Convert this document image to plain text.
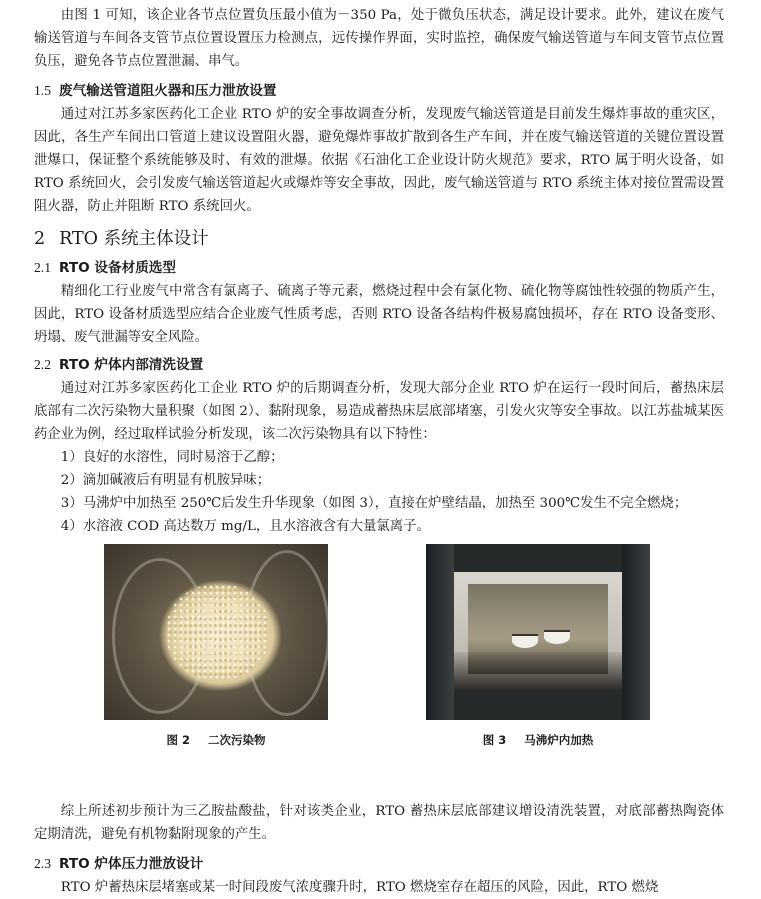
由图 1 可知，该企业各节点位置负压最小值为－350 Pa，处于微负压状态，满足设计要求。此外，建议在废气输送管道与车间各支管节点位置设置压力检测点，远传操作界面，实时监控，确保废气输送管道与车间支管节点位置负压，避免各节点位置泄漏、串气。

1.5 废气输送管道阻火器和压力泄放设置

通过对江苏多家医药化工企业 RTO 炉的安全事故调查分析，发现废气输送管道是目前发生爆炸事故的重灾区，因此，各生产车间出口管道上建议设置阻火器，避免爆炸事故扩散到各生产车间，并在废气输送管道的关键位置设置泄爆口，保证整个系统能够及时、有效的泄爆。依据《石油化工企业设计防火规范》要求，RTO 属于明火设备，如 RTO 系统回火，会引发废气输送管道起火或爆炸等安全事故，因此，废气输送管道与 RTO 系统主体对接位置需设置阻火器，防止并阻断 RTO 系统回火。

2 RTO 系统主体设计
2.1 RTO 设备材质选型

精细化工行业废气中常含有氯离子、硫离子等元素，燃烧过程中会有氯化物、硫化物等腐蚀性较强的物质产生，因此，RTO 设备材质选型应结合企业废气性质考虑，否则 RTO 设备各结构件极易腐蚀损坏，存在 RTO 设备变形、坍塌、废气泄漏等安全风险。

2.2 RTO 炉体内部清洗设置

通过对江苏多家医药化工企业 RTO 炉的后期调查分析，发现大部分企业 RTO 炉在运行一段时间后，蓄热床层底部有二次污染物大量积聚（如图 2）、黏附现象，易造成蓄热床层底部堵塞，引发火灾等安全事故。以江苏盐城某医药企业为例，经过取样试验分析发现，该二次污染物具有以下特性：

1）良好的水溶性，同时易溶于乙醇；

2）滴加碱液后有明显有机胺异味；

3）马沸炉中加热至 250℃后发生升华现象（如图 3），直接在炉壁结晶，加热至 300℃发生不完全燃烧；

4）水溶液 COD 高达数万 mg/L，且水溶液含有大量氯离子。

图 2 二次污染物	图 3 马沸炉内加热

综上所述初步预计为三乙胺盐酸盐，针对该类企业，RTO 蓄热床层底部建议增设清洗装置，对底部蓄热陶瓷体定期清洗，避免有机物黏附现象的产生。

2.3 RTO 炉体压力泄放设计

RTO 炉蓄热床层堵塞或某一时间段废气浓度骤升时，RTO 燃烧室存在超压的风险，因此，RTO 燃烧
